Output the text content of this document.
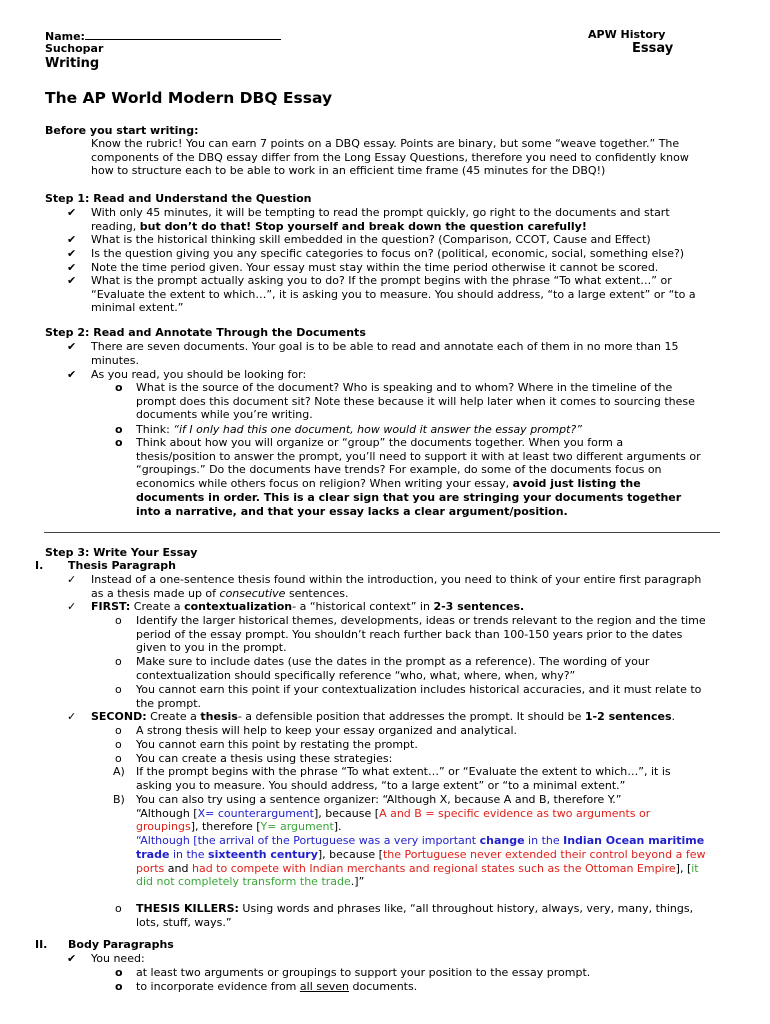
Name:
Suchopar
Writing
APW History
Essay
The AP World Modern DBQ Essay
Before you start writing:
Know the rubric! You can earn 7 points on a DBQ essay. Points are binary, but some “weave together.” The
components of the DBQ essay differ from the Long Essay Questions, therefore you need to confidently know
how to structure each to be able to work in an efficient time frame (45 minutes for the DBQ!)
Step 1: Read and Understand the Question
✔ With only 45 minutes, it will be tempting to read the prompt quickly, go right to the documents and start
reading, but don’t do that! Stop yourself and break down the question carefully!
✔ What is the historical thinking skill embedded in the question? (Comparison, CCOT, Cause and Effect)
✔ Is the question giving you any specific categories to focus on? (political, economic, social, something else?)
✔ Note the time period given. Your essay must stay within the time period otherwise it cannot be scored.
✔ What is the prompt actually asking you to do? If the prompt begins with the phrase “To what extent…” or
“Evaluate the extent to which…”, it is asking you to measure. You should address, “to a large extent” or “to a
minimal extent.”
Step 2: Read and Annotate Through the Documents
✔ There are seven documents. Your goal is to be able to read and annotate each of them in no more than 15
minutes.
✔ As you read, you should be looking for:
o What is the source of the document? Who is speaking and to whom? Where in the timeline of the
prompt does this document sit? Note these because it will help later when it comes to sourcing these
documents while you’re writing.
o Think: “if I only had this one document, how would it answer the essay prompt?”
o Think about how you will organize or “group” the documents together. When you form a
thesis/position to answer the prompt, you’ll need to support it with at least two different arguments or
“groupings.” Do the documents have trends? For example, do some of the documents focus on
economics while others focus on religion? When writing your essay, avoid just listing the
documents in order. This is a clear sign that you are stringing your documents together
into a narrative, and that your essay lacks a clear argument/position.
Step 3: Write Your Essay
I. Thesis Paragraph
✓ Instead of a one-sentence thesis found within the introduction, you need to think of your entire first paragraph
as a thesis made up of consecutive sentences.
✓ FIRST: Create a contextualization- a “historical context” in 2-3 sentences.
o Identify the larger historical themes, developments, ideas or trends relevant to the region and the time
period of the essay prompt. You shouldn’t reach further back than 100-150 years prior to the dates
given to you in the prompt.
o Make sure to include dates (use the dates in the prompt as a reference). The wording of your
contextualization should specifically reference “who, what, where, when, why?”
o You cannot earn this point if your contextualization includes historical accuracies, and it must relate to
the prompt.
✓ SECOND: Create a thesis- a defensible position that addresses the prompt. It should be 1-2 sentences.
o A strong thesis will help to keep your essay organized and analytical.
o You cannot earn this point by restating the prompt.
o You can create a thesis using these strategies:
A) If the prompt begins with the phrase “To what extent…” or “Evaluate the extent to which…”, it is
asking you to measure. You should address, “to a large extent” or “to a minimal extent.”
B) You can also try using a sentence organizer: “Although X, because A and B, therefore Y.”
“Although [X= counterargument], because [A and B = specific evidence as two arguments or
groupings], therefore [Y= argument].
“Although [the arrival of the Portuguese was a very important change in the Indian Ocean maritime
trade in the sixteenth century], because [the Portuguese never extended their control beyond a few
ports and had to compete with Indian merchants and regional states such as the Ottoman Empire], [it
did not completely transform the trade.]”
o THESIS KILLERS: Using words and phrases like, “all throughout history, always, very, many, things,
lots, stuff, ways.”
II. Body Paragraphs
✔ You need:
o at least two arguments or groupings to support your position to the essay prompt.
o to incorporate evidence from all seven documents.
